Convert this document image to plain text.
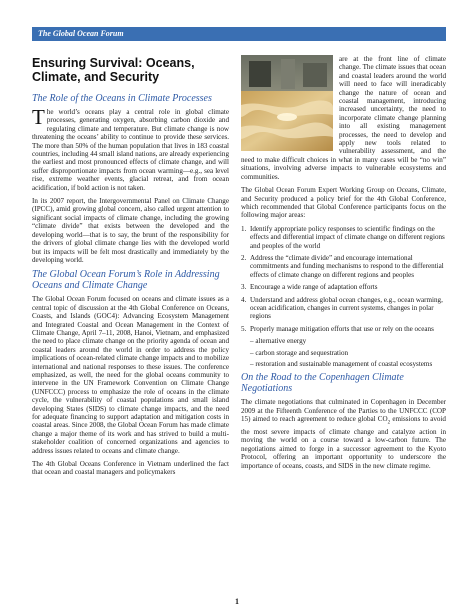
The Global Ocean Forum
Ensuring Survival: Oceans, Climate, and Security
The Role of the Oceans in Climate Processes

The world’s oceans play a central role in global climate processes, generating oxygen, absorbing carbon dioxide and regulating climate and temperature. But climate change is now threatening the oceans’ ability to continue to provide these services. The more than 50% of the human population that lives in 183 coastal countries, including 44 small island nations, are already experiencing the earliest and most pronounced effects of climate change, and will suffer disproportionate impacts from ocean warming—e.g., sea level rise, extreme weather events, glacial retreat, and from ocean acidification, if bold action is not taken.

In its 2007 report, the Intergovernmental Panel on Climate Change (IPCC), amid growing global concern, also called urgent attention to significant social impacts of climate change, including the growing “climate divide” that exists between the developed and the developing world—that is to say, the brunt of the responsibility for the drivers of global climate change lies with the developed world but its impacts will be felt most drastically and immediately by the developing world.

The Global Ocean Forum’s Role in Addressing Oceans and Climate Change

The Global Ocean Forum focused on oceans and climate issues as a central topic of discussion at the 4th Global Conference on Oceans, Coasts, and Islands (GOC4): Advancing Ecosystem Management and Integrated Coastal and Ocean Management in the Context of Climate Change, April 7–11, 2008, Hanoi, Vietnam, and emphasized the need to place climate change on the priority agenda of ocean and coastal leaders around the world in order to address the policy implications of ocean-related climate change impacts and to mobilize international and national responses to these issues. The conference emphasized, as well, the need for the global oceans community to intervene in the UN Framework Convention on Climate Change (UNFCCC) process to emphasize the role of oceans in the climate cycle, the vulnerability of coastal populations and small island developing States (SIDS) to climate change impacts, and the need for adequate financing to support adaptation and mitigation costs in coastal areas. Since 2008, the Global Ocean Forum has made climate change a major theme of its work and has strived to build a multi-stakeholder coalition of concerned organizations and agencies to address issues related to oceans and climate change.

The 4th Global Oceans Conference in Vietnam underlined the fact that ocean and coastal managers and policymakers

are at the front line of climate change. The climate issues that ocean and coastal leaders around the world will need to face will ineradicably change the nature of ocean and coastal management, introducing increased uncertainty, the need to incorporate climate change planning into all existing management processes, the need to develop and apply new tools related to vulnerability assessment, and the need to make difficult choices in what in many cases will be “no win” situations, involving adverse impacts to vulnerable ecosystems and communities.

The Global Ocean Forum Expert Working Group on Oceans, Climate, and Security produced a policy brief for the 4th Global Conference, which recommended that Global Conference participants focus on the following major areas:

1. Identify appropriate policy responses to scientific findings on the effects and differential impact of climate change on different regions and peoples of the world
2. Address the “climate divide” and encourage international commitments and funding mechanisms to respond to the differential effects of climate change on different regions and peoples
3. Encourage a wide range of adaptation efforts
4. Understand and address global ocean changes, e.g., ocean warming, ocean acidification, changes in current systems, changes in polar regions
5. Properly manage mitigation efforts that use or rely on the oceans
– alternative energy
– carbon storage and sequestration
– restoration and sustainable management of coastal ecosystems
On the Road to the Copenhagen Climate Negotiations

The climate negotiations that culminated in Copenhagen in December 2009 at the Fifteenth Conference of the Parties to the UNFCCC (COP 15) aimed to reach agreement to reduce global $CO_2$ emissions to avoid the most severe impacts of climate change and catalyze action in moving the world on a course toward a low-carbon future. The negotiations aimed to forge in a successor agreement to the Kyoto Protocol, offering an important opportunity to underscore the importance of oceans, coasts, and SIDS in the new climate regime.

1
